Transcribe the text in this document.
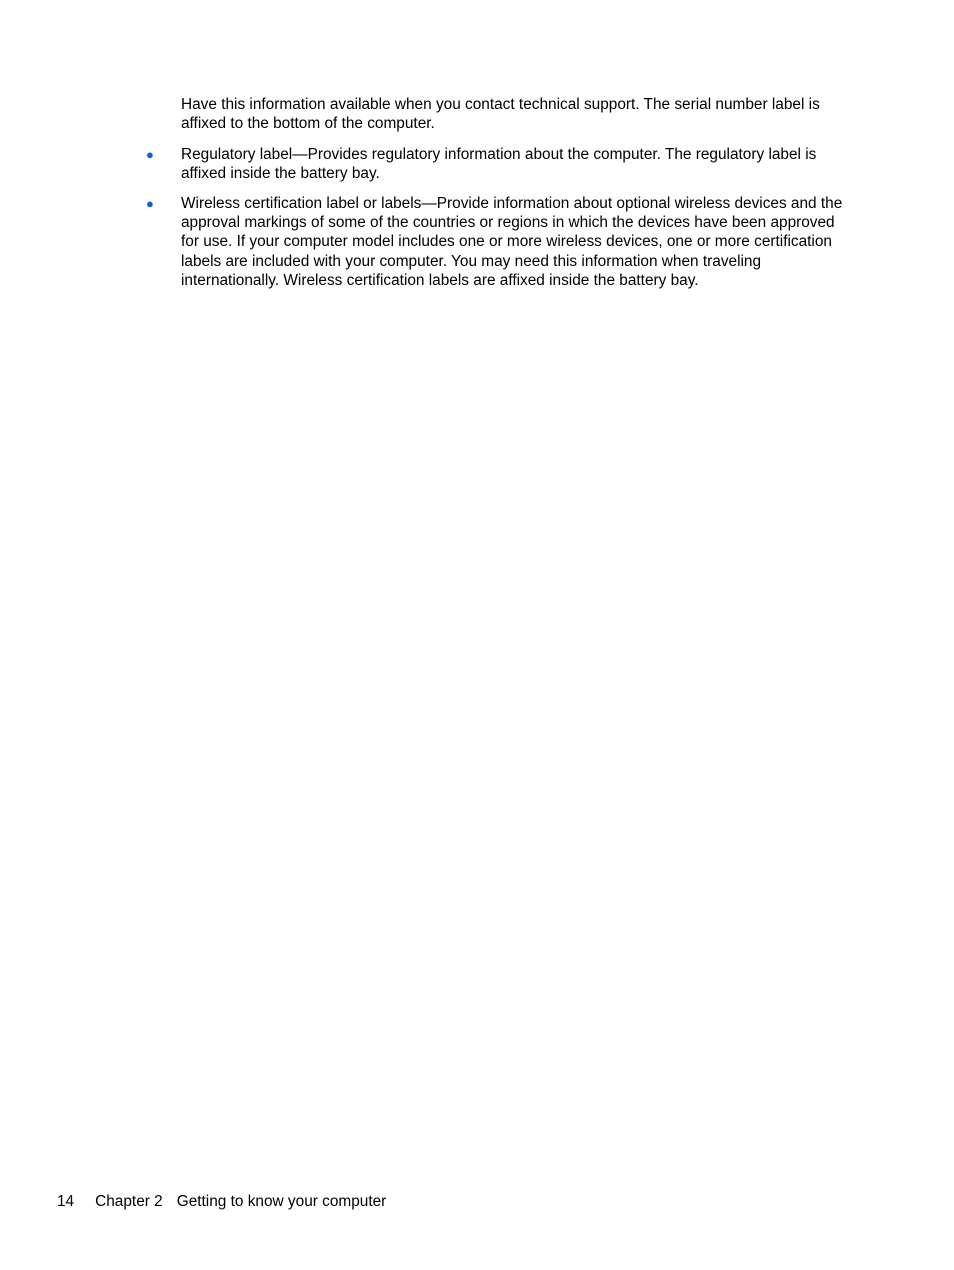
Have this information available when you contact technical support. The serial number label is affixed to the bottom of the computer.

● Regulatory label—Provides regulatory information about the computer. The regulatory label is affixed inside the battery bay.
● Wireless certification label or labels—Provide information about optional wireless devices and the approval markings of some of the countries or regions in which the devices have been approved for use. If your computer model includes one or more wireless devices, one or more certification labels are included with your computer. You may need this information when traveling internationally. Wireless certification labels are affixed inside the battery bay.
14 Chapter 2 Getting to know your computer
